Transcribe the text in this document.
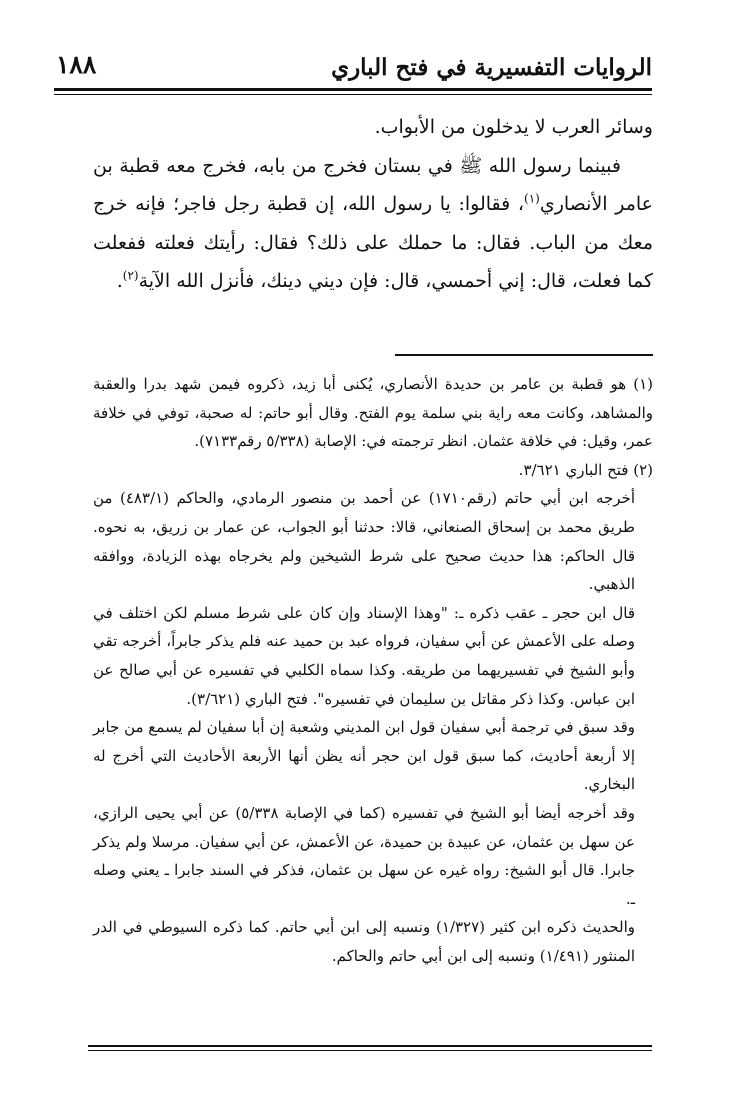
الروايات التفسيرية في فتح الباري
١٨٨

وسائر العرب لا يدخلون من الأبواب.

فبينما رسول الله ﷺ في بستان فخرج من بابه، فخرج معه قطبة بن عامر الأنصاري$^{(١)}$، فقالوا: يا رسول الله، إن قطبة رجل فاجر؛ فإنه خرج معك من الباب. فقال: ما حملك على ذلك؟ فقال: رأيتك فعلته ففعلت كما فعلت، قال: إني أحمسي، قال: فإن ديني دينك، فأنزل الله الآية$^{(٢)}$.

(١) هو قطبة بن عامر بن حديدة الأنصاري، يُكنى أبا زيد، ذكروه فيمن شهد بدرا والعقبة والمشاهد، وكانت معه راية بني سلمة يوم الفتح. وقال أبو حاتم: له صحبة، توفي في خلافة عمر، وقيل: في خلافة عثمان. انظر ترجمته في: الإصابة (٥/٣٣٨ رقم٧١٣٣).

(٢) فتح الباري ٣/٦٢١.

أخرجه ابن أبي حاتم (رقم١٧١٠) عن أحمد بن منصور الرمادي، والحاكم (٤٨٣/١) من طريق محمد بن إسحاق الصنعاني، قالا: حدثنا أبو الجواب، عن عمار بن زريق، به نحوه. قال الحاكم: هذا حديث صحيح على شرط الشيخين ولم يخرجاه بهذه الزيادة، ووافقه الذهبي.

قال ابن حجر ـ عقب ذكره ـ: "وهذا الإسناد وإن كان على شرط مسلم لكن اختلف في وصله على الأعمش عن أبي سفيان، فرواه عبد بن حميد عنه فلم يذكر جابراً، أخرجه تقي وأبو الشيخ في تفسيريهما من طريقه. وكذا سماه الكلبي في تفسيره عن أبي صالح عن ابن عباس. وكذا ذكر مقاتل بن سليمان في تفسيره". فتح الباري (٣/٦٢١).

وقد سبق في ترجمة أبي سفيان قول ابن المديني وشعبة إن أبا سفيان لم يسمع من جابر إلا أربعة أحاديث، كما سبق قول ابن حجر أنه يظن أنها الأربعة الأحاديث التي أخرج له البخاري.

وقد أخرجه أيضا أبو الشيخ في تفسيره (كما في الإصابة ٥/٣٣٨) عن أبي يحيى الرازي، عن سهل بن عثمان، عن عبيدة بن حميدة، عن الأعمش، عن أبي سفيان. مرسلا ولم يذكر جابرا. قال أبو الشيخ: رواه غيره عن سهل بن عثمان، فذكر في السند جابرا ـ يعني وصله ـ.

والحديث ذكره ابن كثير (١/٣٢٧) ونسبه إلى ابن أبي حاتم. كما ذكره السيوطي في الدر المنثور (١/٤٩١) ونسبه إلى ابن أبي حاتم والحاكم.
